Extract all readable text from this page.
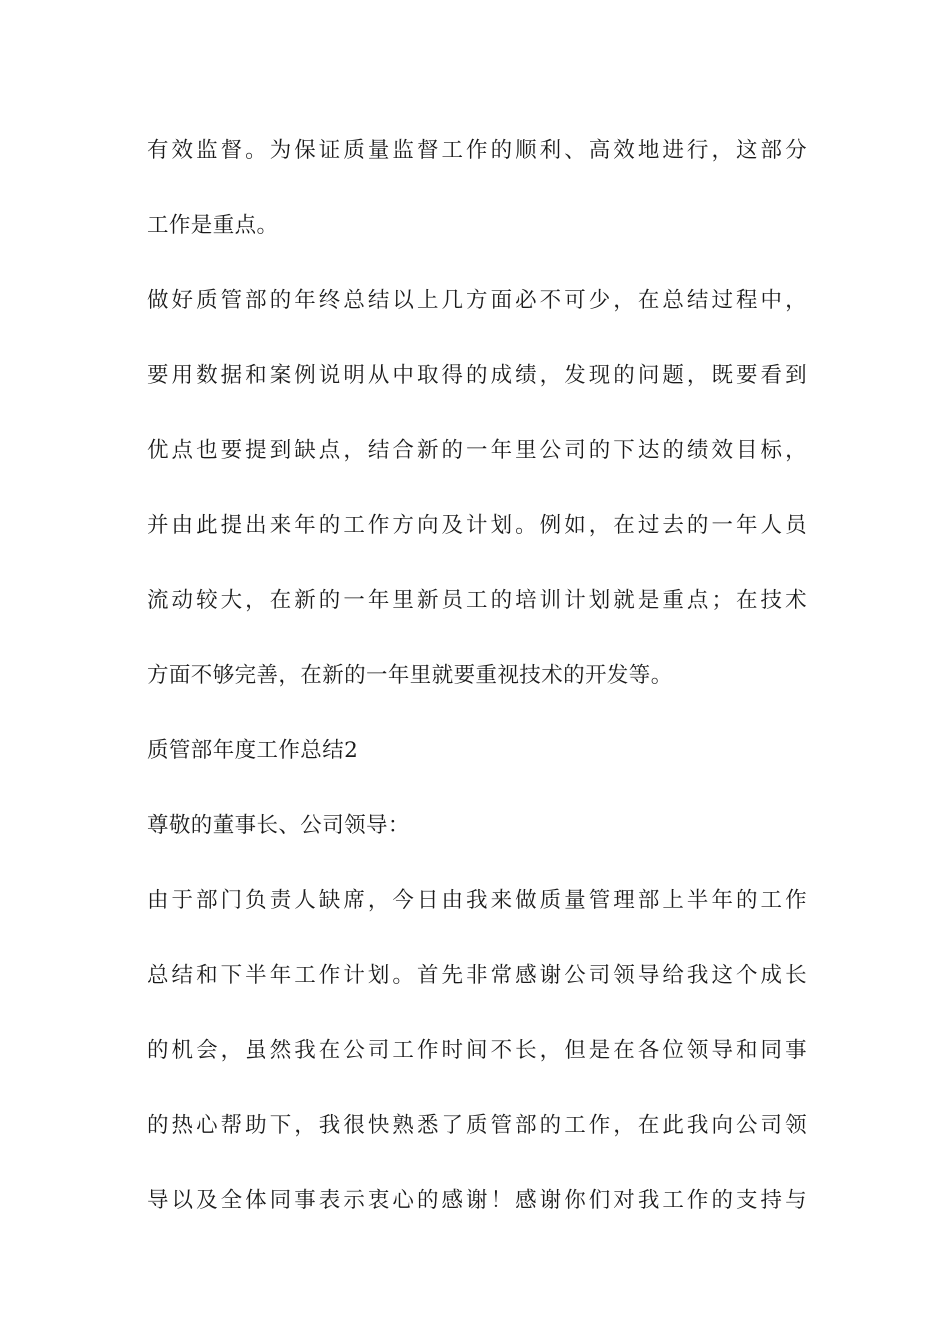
有效监督。为保证质量监督工作的顺利、高效地进行，这部分
工作是重点。
做好质管部的年终总结以上几方面必不可少，在总结过程中，
要用数据和案例说明从中取得的成绩，发现的问题，既要看到
优点也要提到缺点，结合新的一年里公司的下达的绩效目标，
并由此提出来年的工作方向及计划。例如，在过去的一年人员
流动较大，在新的一年里新员工的培训计划就是重点；在技术
方面不够完善，在新的一年里就要重视技术的开发等。
质管部年度工作总结2
尊敬的董事长、公司领导：
由于部门负责人缺席，今日由我来做质量管理部上半年的工作
总结和下半年工作计划。首先非常感谢公司领导给我这个成长
的机会，虽然我在公司工作时间不长，但是在各位领导和同事
的热心帮助下，我很快熟悉了质管部的工作，在此我向公司领
导以及全体同事表示衷心的感谢！感谢你们对我工作的支持与
